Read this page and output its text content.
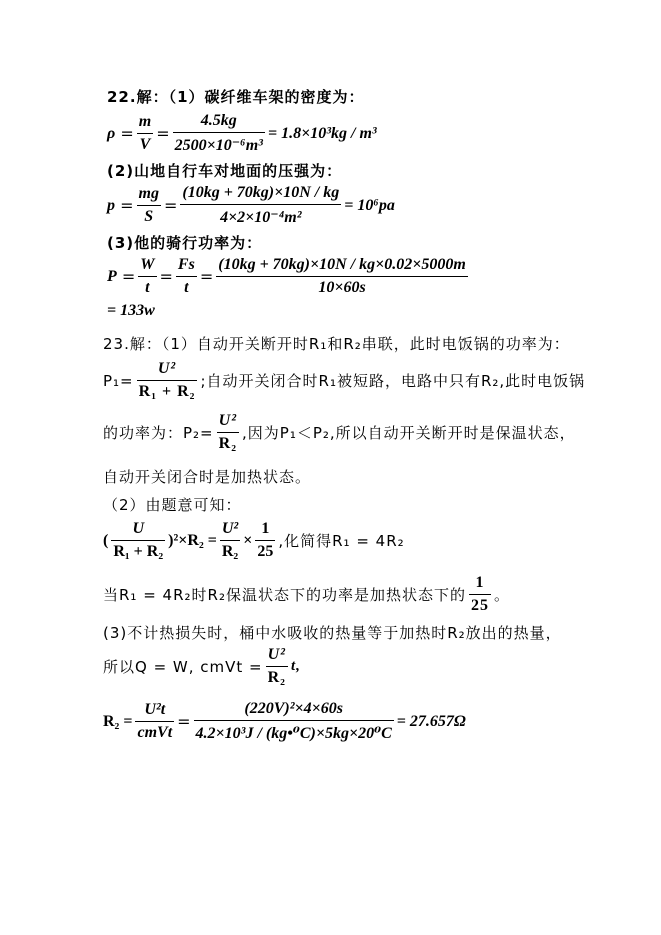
22.解：（1）碳纤维车架的密度为：
$\rho = \frac{m}{V} = \frac{4.5kg}{\text{2500×10⁻⁶m³}} = 1.8\times 10^3kg / m^3$
(2)山地自行车对地面的压强为：
$p = \frac{mg}{S} = \frac{(10kg + 70kg)\times 10N / kg}{\text{4×2×10⁻⁴m²}} = 10^6pa$
(3)他的骑行功率为：
$P = \frac{W}{t} = \frac{Fs}{t} = \frac{(10kg + 70kg)\times 10N / kg\times 0.02\times 5000m}{10\times 60s}$
= 133w
23.解：（1）自动开关断开时R₁和R₂串联，此时电饭锅的功率为：
$P_1= \frac{\text{U²}}{\text{R₁ + R₂}}$ ;自动开关闭合时R₁被短路，电路中只有R₂,此时电饭锅
的功率为：$P_2= \frac{\text{U²}}{\text{R₂}}$ ,因为P₁＜P₂,所以自动开关断开时是保温状态，
自动开关闭合时是加热状态。
（2）由题意可知：
( $\frac{U}{\text{R₁ + R₂}} )^2\times R_2 = \frac{\text{U²}}{\text{R₂}} \times \frac{1}{25}$ ,化简得R₁ = 4R₂
当R₁ = 4R₂时R₂保温状态下的功率是加热状态下的 $\frac{1}{25}$ 。
(3)不计热损失时，桶中水吸收的热量等于加热时R₂放出的热量，
所以Q = W, cmVt = $\frac{\text{U²}}{\text{R₂}} t$,
$R_2 = \frac{\text{U²t}}{\text{cmVt}} = \frac{\text{(220V)²×4×60s}}{\text{4.2×10³J / (kg•⁰C)×5kg×20⁰C}} = 27.657\Omega$
